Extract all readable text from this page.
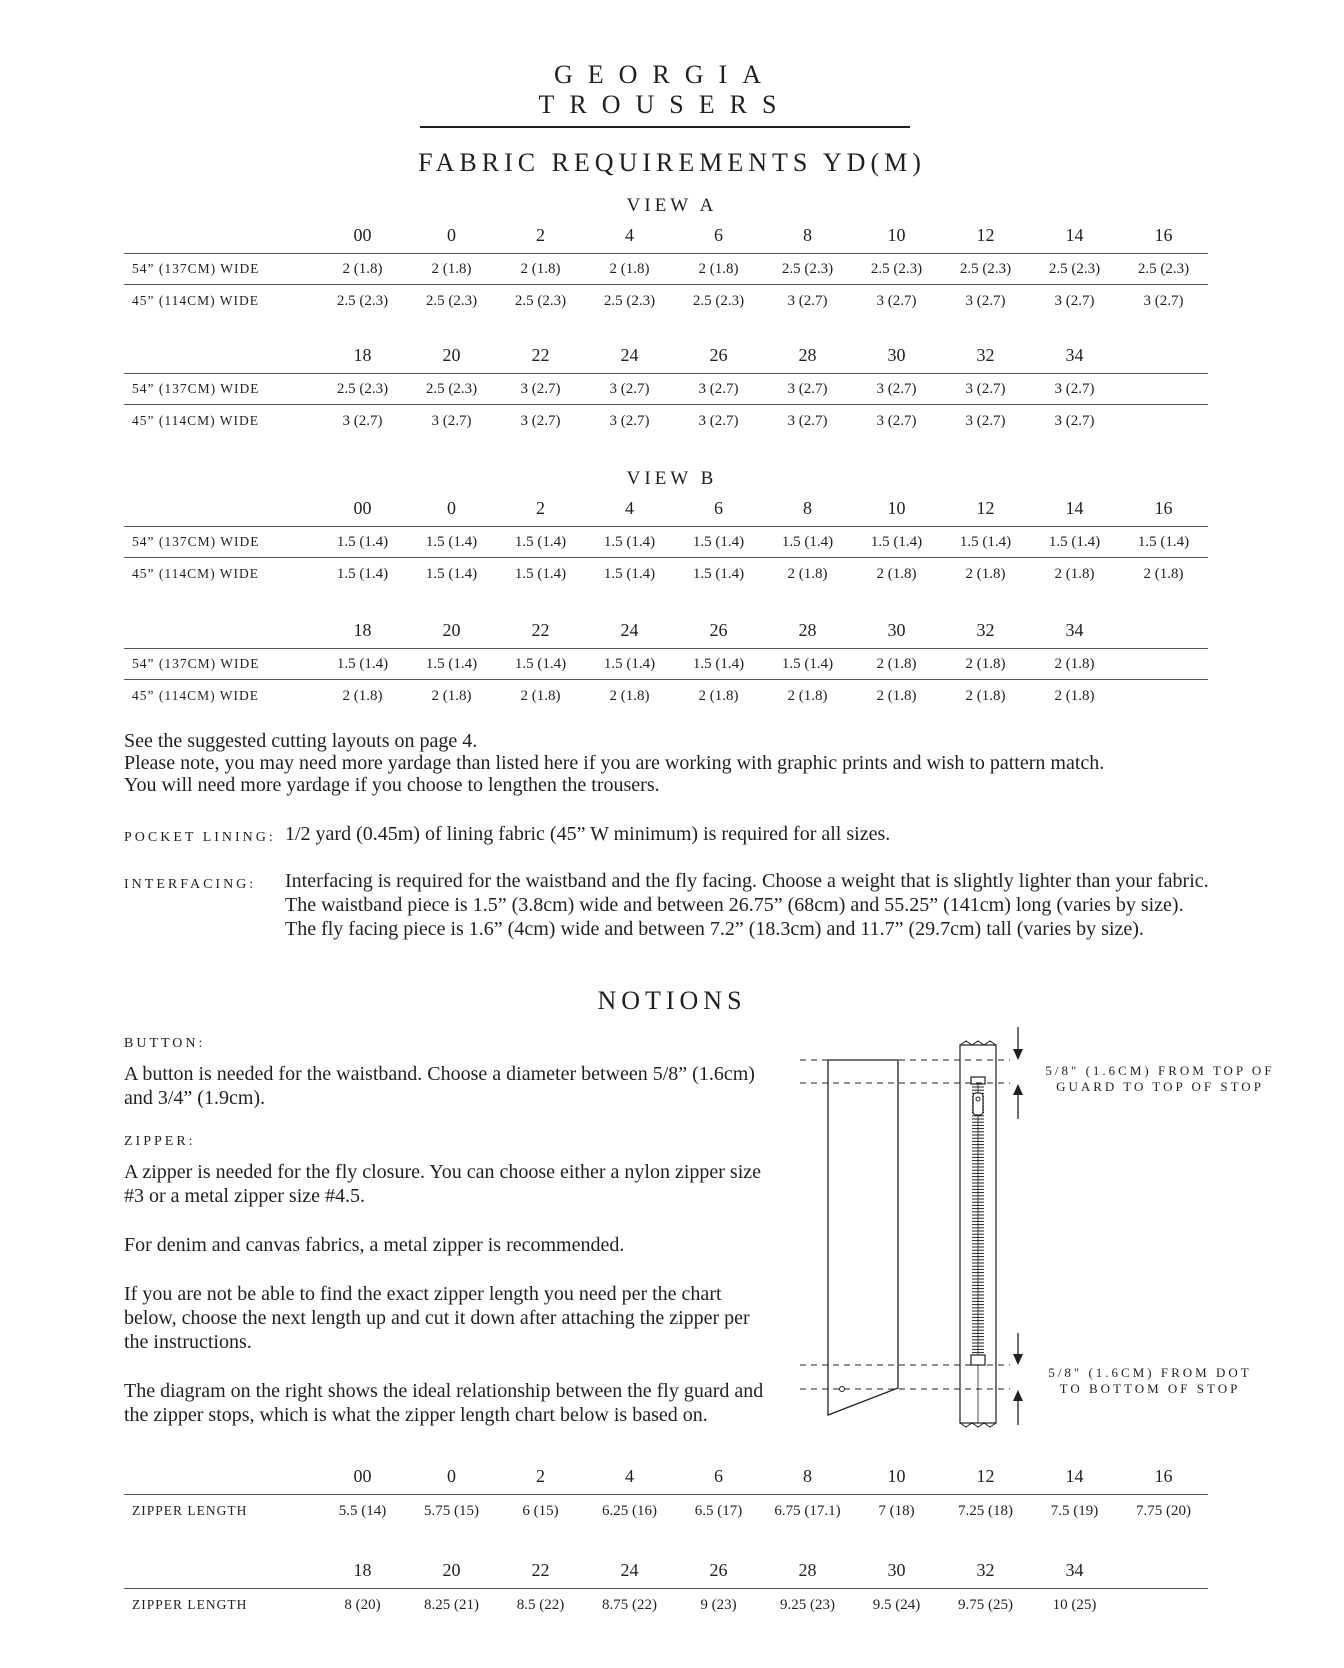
GEORGIA TROUSERS
FABRIC REQUIREMENTS YD(M)
VIEW A
	00	0	2	4	6	8	10	12	14	16
54” (137CM) WIDE	2 (1.8)	2 (1.8)	2 (1.8)	2 (1.8)	2 (1.8)	2.5 (2.3)	2.5 (2.3)	2.5 (2.3)	2.5 (2.3)	2.5 (2.3)
45” (114CM) WIDE	2.5 (2.3)	2.5 (2.3)	2.5 (2.3)	2.5 (2.3)	2.5 (2.3)	3 (2.7)	3 (2.7)	3 (2.7)	3 (2.7)	3 (2.7)
	18	20	22	24	26	28	30	32	34	
54” (137CM) WIDE	2.5 (2.3)	2.5 (2.3)	3 (2.7)	3 (2.7)	3 (2.7)	3 (2.7)	3 (2.7)	3 (2.7)	3 (2.7)	
45” (114CM) WIDE	3 (2.7)	3 (2.7)	3 (2.7)	3 (2.7)	3 (2.7)	3 (2.7)	3 (2.7)	3 (2.7)	3 (2.7)	
VIEW B
	00	0	2	4	6	8	10	12	14	16
54” (137CM) WIDE	1.5 (1.4)	1.5 (1.4)	1.5 (1.4)	1.5 (1.4)	1.5 (1.4)	1.5 (1.4)	1.5 (1.4)	1.5 (1.4)	1.5 (1.4)	1.5 (1.4)
45” (114CM) WIDE	1.5 (1.4)	1.5 (1.4)	1.5 (1.4)	1.5 (1.4)	1.5 (1.4)	2 (1.8)	2 (1.8)	2 (1.8)	2 (1.8)	2 (1.8)
	18	20	22	24	26	28	30	32	34	
54” (137CM) WIDE	1.5 (1.4)	1.5 (1.4)	1.5 (1.4)	1.5 (1.4)	1.5 (1.4)	1.5 (1.4)	2 (1.8)	2 (1.8)	2 (1.8)	
45” (114CM) WIDE	2 (1.8)	2 (1.8)	2 (1.8)	2 (1.8)	2 (1.8)	2 (1.8)	2 (1.8)	2 (1.8)	2 (1.8)	
See the suggested cutting layouts on page 4.
Please note, you may need more yardage than listed here if you are working with graphic prints and wish to pattern match.
You will need more yardage if you choose to lengthen the trousers.
POCKET LINING: 1/2 yard (0.45m) of lining fabric (45” W minimum) is required for all sizes.
INTERFACING: Interfacing is required for the waistband and the fly facing. Choose a weight that is slightly lighter than your fabric.
The waistband piece is 1.5” (3.8cm) wide and between 26.75” (68cm) and 55.25” (141cm) long (varies by size).
The fly facing piece is 1.6” (4cm) wide and between 7.2” (18.3cm) and 11.7” (29.7cm) tall (varies by size).
NOTIONS
BUTTON:
A button is needed for the waistband. Choose a diameter between 5/8” (1.6cm)
and 3/4” (1.9cm).
ZIPPER:
A zipper is needed for the fly closure. You can choose either a nylon zipper size
#3 or a metal zipper size #4.5.
For denim and canvas fabrics, a metal zipper is recommended.
If you are not be able to find the exact zipper length you need per the chart
below, choose the next length up and cut it down after attaching the zipper per
the instructions.
The diagram on the right shows the ideal relationship between the fly guard and
the zipper stops, which is what the zipper length chart below is based on.
5/8" (1.6CM) FROM TOP OF
GUARD TO TOP OF STOP
5/8" (1.6CM) FROM DOT
TO BOTTOM OF STOP
	00	0	2	4	6	8	10	12	14	16
ZIPPER LENGTH	5.5 (14)	5.75 (15)	6 (15)	6.25 (16)	6.5 (17)	6.75 (17.1)	7 (18)	7.25 (18)	7.5 (19)	7.75 (20)
	18	20	22	24	26	28	30	32	34	
ZIPPER LENGTH	8 (20)	8.25 (21)	8.5 (22)	8.75 (22)	9 (23)	9.25 (23)	9.5 (24)	9.75 (25)	10 (25)	
